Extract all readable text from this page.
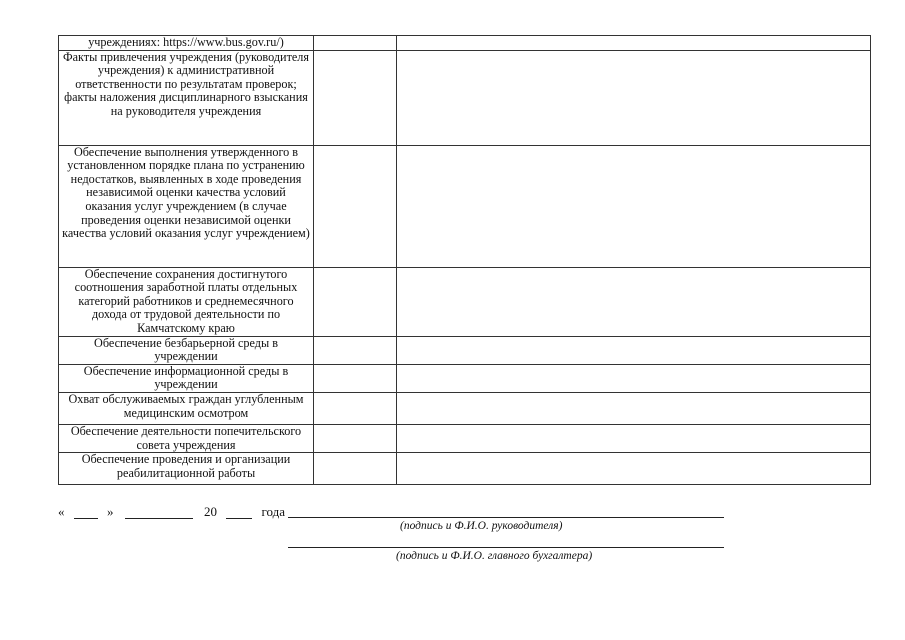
учреждениях: https://www.bus.gov.ru/)		
Факты привлечения учреждения (руководителя учреждения) к административной ответственности по результатам проверок; факты наложения дисциплинарного взыскания на руководителя учреждения		
Обеспечение выполнения утвержденного в установленном порядке плана по устранению недостатков, выявленных в ходе проведения независимой оценки качества условий оказания услуг учреждением (в случае проведения оценки независимой оценки качества условий оказания услуг учреждением)		
Обеспечение сохранения достигнутого соотношения заработной платы отдельных категорий работников и среднемесячного дохода от трудовой деятельности по Камчатскому краю		
Обеспечение безбарьерной среды в учреждении		
Обеспечение информационной среды в учреждении		
Охват обслуживаемых граждан углубленным медицинским осмотром		
Обеспечение деятельности попечительского совета учреждения		
Обеспечение проведения и организации реабилитационной работы		
«	»	20	года
(подпись и Ф.И.О. руководителя)
(подпись и Ф.И.О. главного бухгалтера)
